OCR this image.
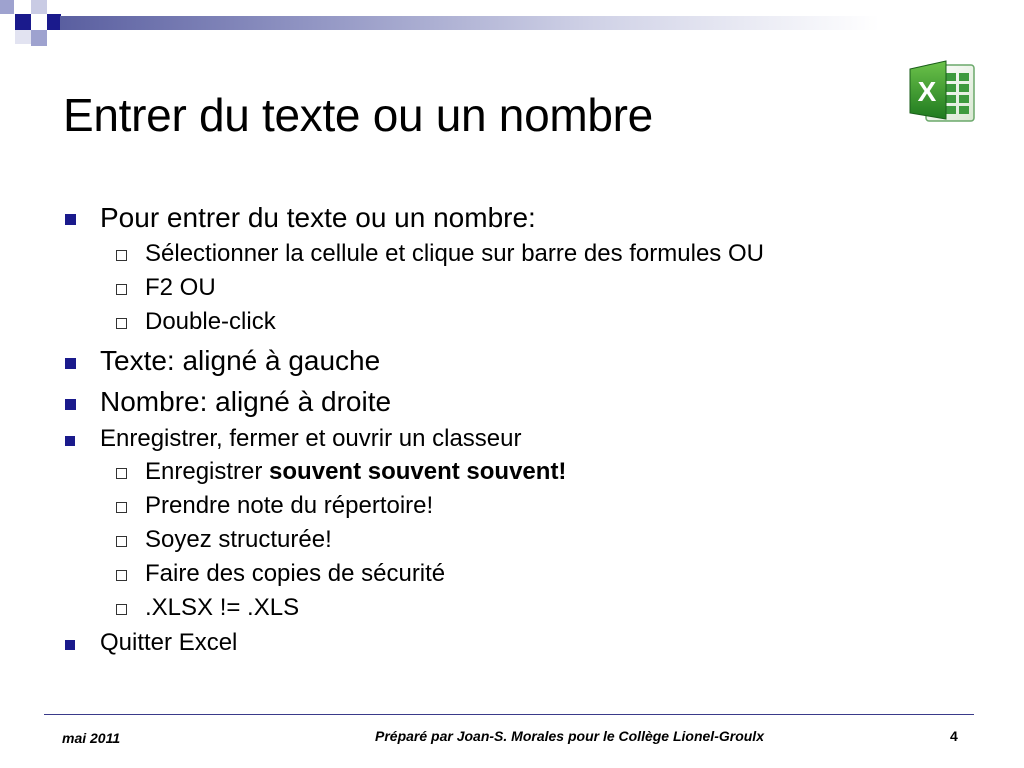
X
Entrer du texte ou un nombre
Pour entrer du texte ou un nombre:
Sélectionner la cellule et clique sur barre des formules OU
F2 OU
Double-click
Texte: aligné à gauche
Nombre: aligné à droite
Enregistrer, fermer et ouvrir un classeur
Enregistrer souvent souvent souvent!
Prendre note du répertoire!
Soyez structurée!
Faire des copies de sécurité
.XLSX != .XLS
Quitter Excel
mai 2011	Préparé par Joan-S. Morales pour le Collège Lionel-Groulx	4
